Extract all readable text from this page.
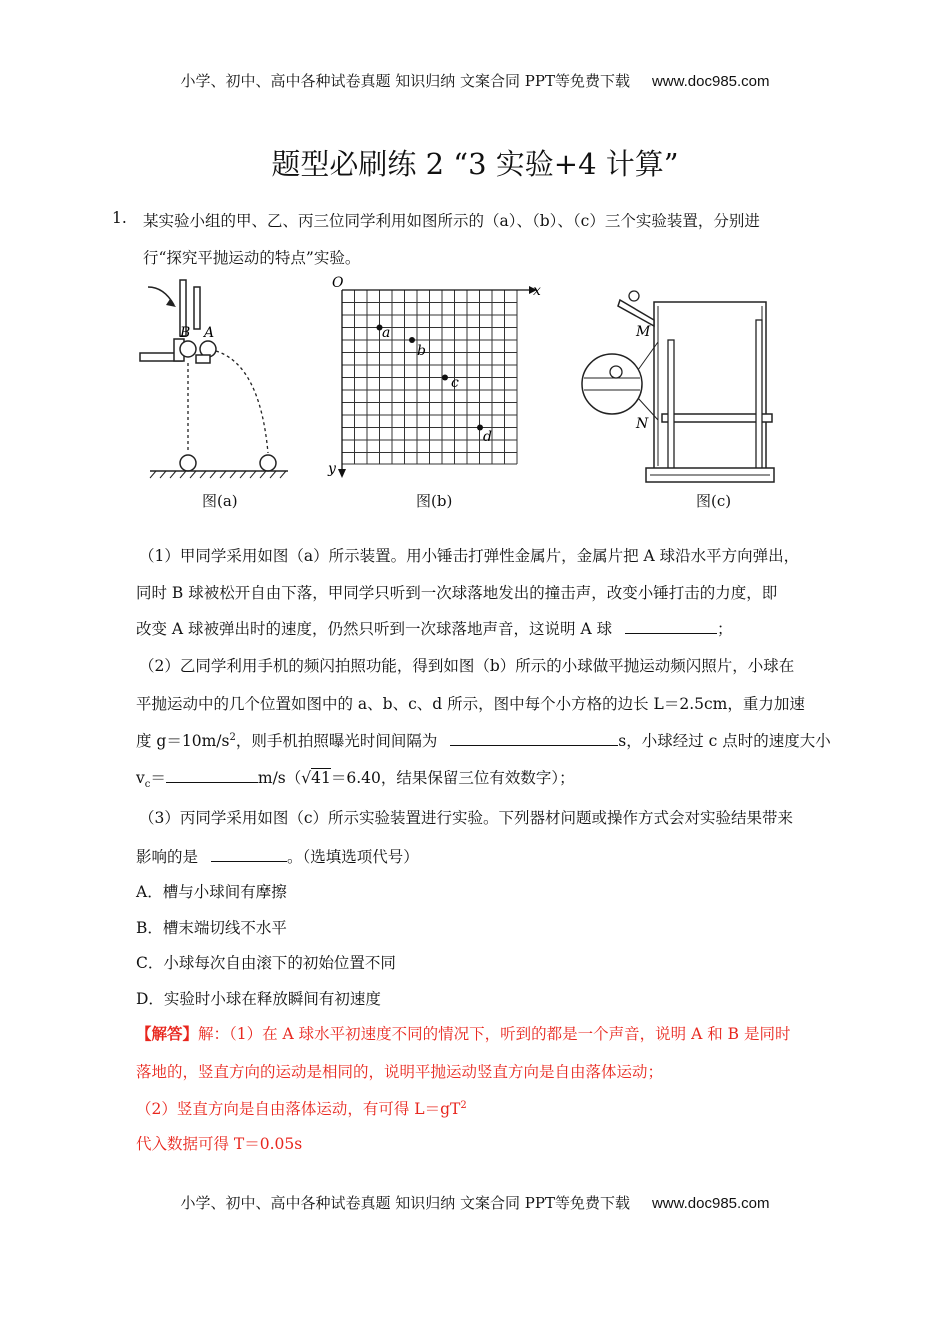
小学、初中、高中各种试卷真题 知识归纳 文案合同 PPT等免费下载 www.doc985.com
题型必刷练 2 “3 实验+4 计算”
1. 某实验小组的甲、乙、丙三位同学利用如图所示的（a）、（b）、（c）三个实验装置，分别进
行“探究平抛运动的特点”实验。
B A
图(a)
O	x
y
a
b
c
d
图(b)
M
N
图(c)
（1）甲同学采用如图（a）所示装置。用小锤击打弹性金属片，金属片把 A 球沿水平方向弹出，
同时 B 球被松开自由下落，甲同学只听到一次球落地发出的撞击声，改变小锤打击的力度，即
改变 A 球被弹出时的速度，仍然只听到一次球落地声音，这说明 A 球	；
（2）乙同学利用手机的频闪拍照功能，得到如图（b）所示的小球做平抛运动频闪照片，小球在
平抛运动中的几个位置如图中的 a、b、c、d 所示，图中每个小方格的边长 L＝2.5cm，重力加速
度 $g=10m/s^2$，则手机拍照曝光时间间隔为	s，小球经过 c 点时的速度大小
$v_c=$	m/s（√41＝6.40，结果保留三位有效数字）；
（3）丙同学采用如图（c）所示实验装置进行实验。下列器材问题或操作方式会对实验结果带来
影响的是	。（选填选项代号）
A．槽与小球间有摩擦
B．槽末端切线不水平
C．小球每次自由滚下的初始位置不同
D．实验时小球在释放瞬间有初速度
【解答】解：（1）在 A 球水平初速度不同的情况下，听到的都是一个声音，说明 A 和 B 是同时
落地的，竖直方向的运动是相同的，说明平抛运动竖直方向是自由落体运动；
（2）竖直方向是自由落体运动，有可得 $L=gT^2$
代入数据可得 T＝0.05s
小学、初中、高中各种试卷真题 知识归纳 文案合同 PPT等免费下载 www.doc985.com
